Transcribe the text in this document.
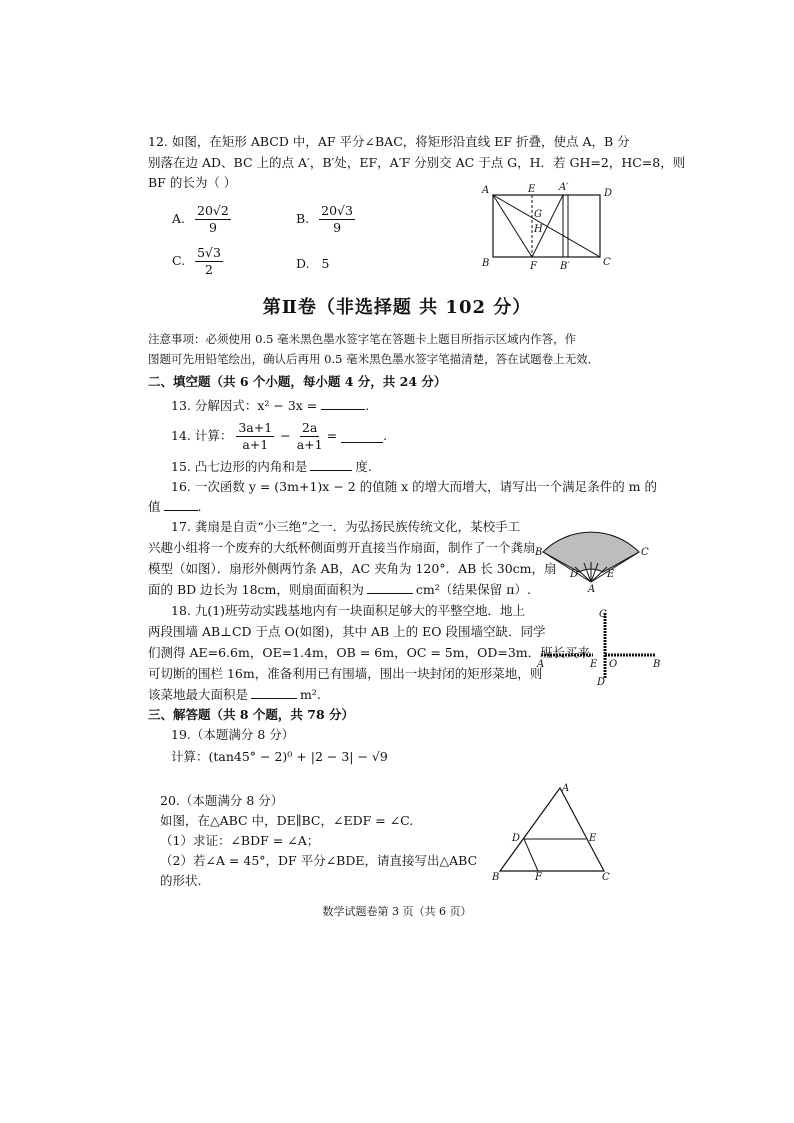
12. 如图，在矩形 ABCD 中，AF 平分∠BAC，将矩形沿直线 EF 折叠，使点 A，B 分
别落在边 AD、BC 上的点 A′，B′处，EF，A′F 分别交 AC 于点 G，H．若 GH=2，HC=8，则
BF 的长为（ ）
A. $\frac{20√2}{9}$	B. $\frac{20√3}{9}$
C. $\frac{5√3}{2}$	D. 5
A	E A′
D
G
H
B	F B′	C
第Ⅱ卷（非选择题 共 102 分）
注意事项：必须使用 0.5 毫米黑色墨水签字笔在答题卡上题目所指示区域内作答，作
图题可先用铅笔绘出，确认后再用 0.5 毫米黑色墨水签字笔描清楚，答在试题卷上无效．
二、填空题（共 6 个小题，每小题 4 分，共 24 分）
13. 分解因式：x² − 3x =	.
14. 计算： $\frac{3a+1}{a+1} - \frac{2a}{a+1}$ =	.
15. 凸七边形的内角和是	度.
16. 一次函数 y = (3m+1)x − 2 的值随 x 的增大而增大，请写出一个满足条件的 m 的
值	.
17. 龚扇是自贡“小三绝”之一．为弘扬民族传统文化，某校手工
兴趣小组将一个废弃的大纸杯侧面剪开直接当作扇面，制作了一个龚扇
模型（如图）．扇形外侧两竹条 AB，AC 夹角为 120°．AB 长 30cm，扇
面的 BD 边长为 18cm，则扇面面积为	cm²（结果保留 π）.
B	C
D	E
A
18. 九(1)班劳动实践基地内有一块面积足够大的平整空地．地上
两段围墙 AB⊥CD 于点 O(如图)，其中 AB 上的 EO 段围墙空缺．同学
们测得 AE=6.6m，OE=1.4m，OB = 6m，OC = 5m，OD=3m．班长买来
可切断的围栏 16m，准备利用已有围墙，围出一块封闭的矩形菜地，则
该菜地最大面积是	m².
C
A	E O	B
D
三、解答题（共 8 个题，共 78 分）
19.（本题满分 8 分）
计算：(tan45° − 2)⁰ + |2 − 3| − √9
20.（本题满分 8 分）
如图，在△ABC 中，DE∥BC，∠EDF = ∠C.
（1）求证：∠BDF = ∠A；
（2）若∠A = 45°，DF 平分∠BDE，请直接写出△ABC
的形状.
A
D	E
B	F	C
数学试题卷第 3 页（共 6 页）
